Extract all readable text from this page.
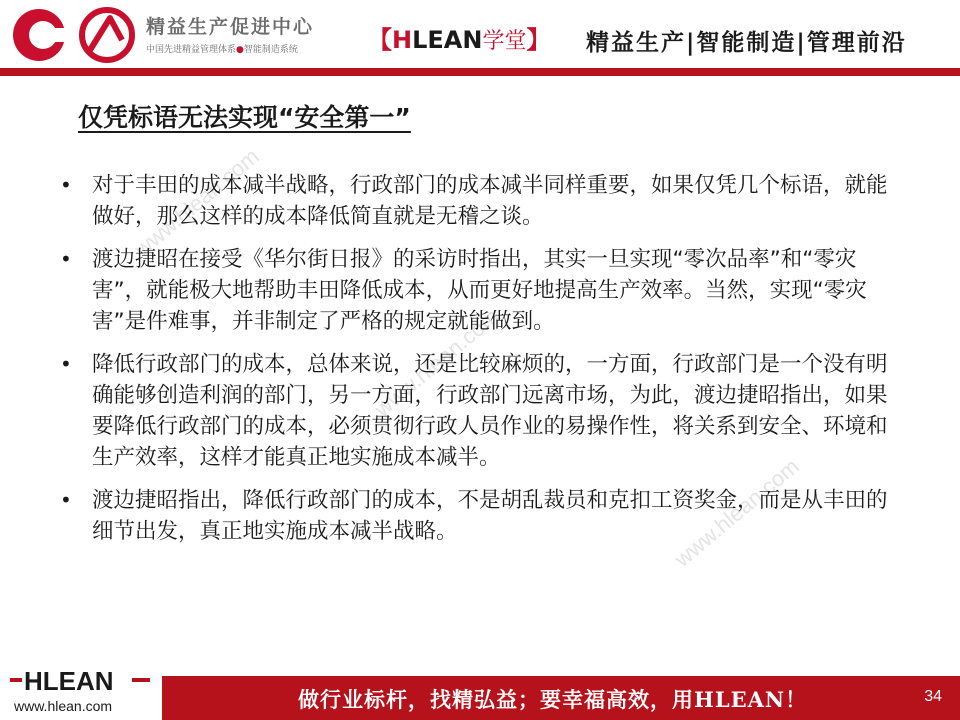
精益生产促进中心
中国先进精益管理体系●智能制造系统	【HLEAN学堂】 精益生产|智能制造|管理前沿
www.hlean.com
www.hlean.com
www.hlean.com
仅凭标语无法实现“安全第一”
• 对于丰田的成本减半战略，行政部门的成本减半同样重要，如果仅凭几个标语，就能做好，那么这样的成本降低简直就是无稽之谈。
• 渡边捷昭在接受《华尔街日报》的采访时指出，其实一旦实现“零次品率”和“零灾害”，就能极大地帮助丰田降低成本，从而更好地提高生产效率。当然，实现“零灾害”是件难事，并非制定了严格的规定就能做到。
• 降低行政部门的成本，总体来说，还是比较麻烦的，一方面，行政部门是一个没有明确能够创造利润的部门，另一方面，行政部门远离市场，为此，渡边捷昭指出，如果要降低行政部门的成本，必须贯彻行政人员作业的易操作性，将关系到安全、环境和生产效率，这样才能真正地实施成本减半。
• 渡边捷昭指出，降低行政部门的成本，不是胡乱裁员和克扣工资奖金，而是从丰田的细节出发，真正地实施成本减半战略。
HLEAN
www.hlean.com	做行业标杆，找精弘益；要幸福高效，用HLEAN！	34
